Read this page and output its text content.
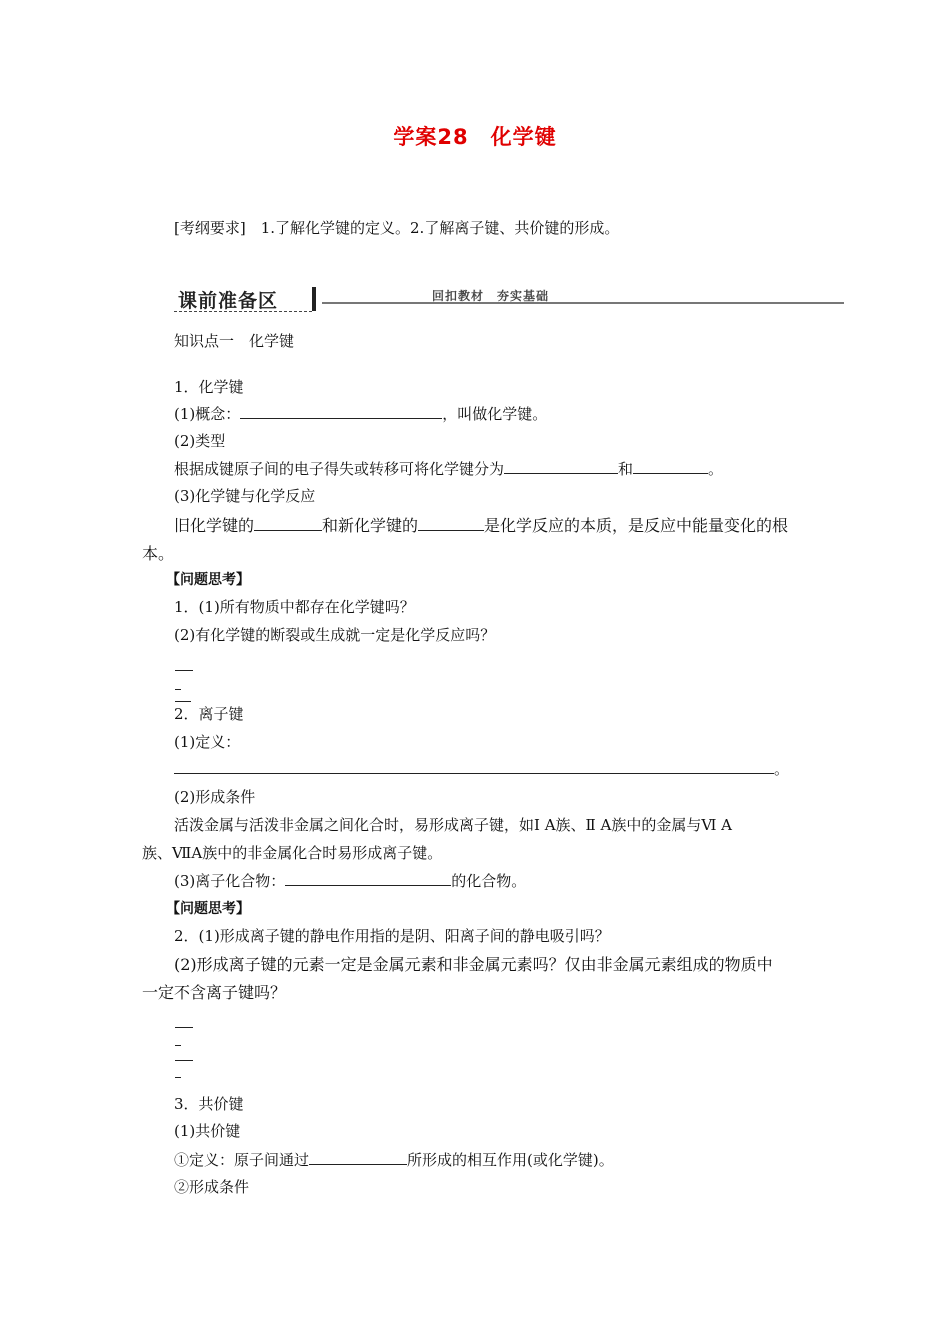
学案28　化学键
[考纲要求]　1.了解化学键的定义。2.了解离子键、共价键的形成。
课前准备区	回扣教材　夯实基础
知识点一　化学键
1．化学键
(1)概念：	，叫做化学键。
(2)类型
根据成键原子间的电子得失或转移可将化学键分为	和	。
(3)化学键与化学反应
旧化学键的	和新化学键的	是化学反应的本质，是反应中能量变化的根
本。
【问题思考】
1．(1)所有物质中都存在化学键吗？
(2)有化学键的断裂或生成就一定是化学反应吗？
2．离子键
(1)定义：
。
(2)形成条件
活泼金属与活泼非金属之间化合时，易形成离子键，如Ⅰ A族、Ⅱ A族中的金属与Ⅵ A
族、ⅦA族中的非金属化合时易形成离子键。
(3)离子化合物：	的化合物。
【问题思考】
2．(1)形成离子键的静电作用指的是阴、阳离子间的静电吸引吗？
(2)形成离子键的元素一定是金属元素和非金属元素吗？仅由非金属元素组成的物质中
一定不含离子键吗？
3．共价键
(1)共价键
①定义：原子间通过	所形成的相互作用(或化学键)。
②形成条件
